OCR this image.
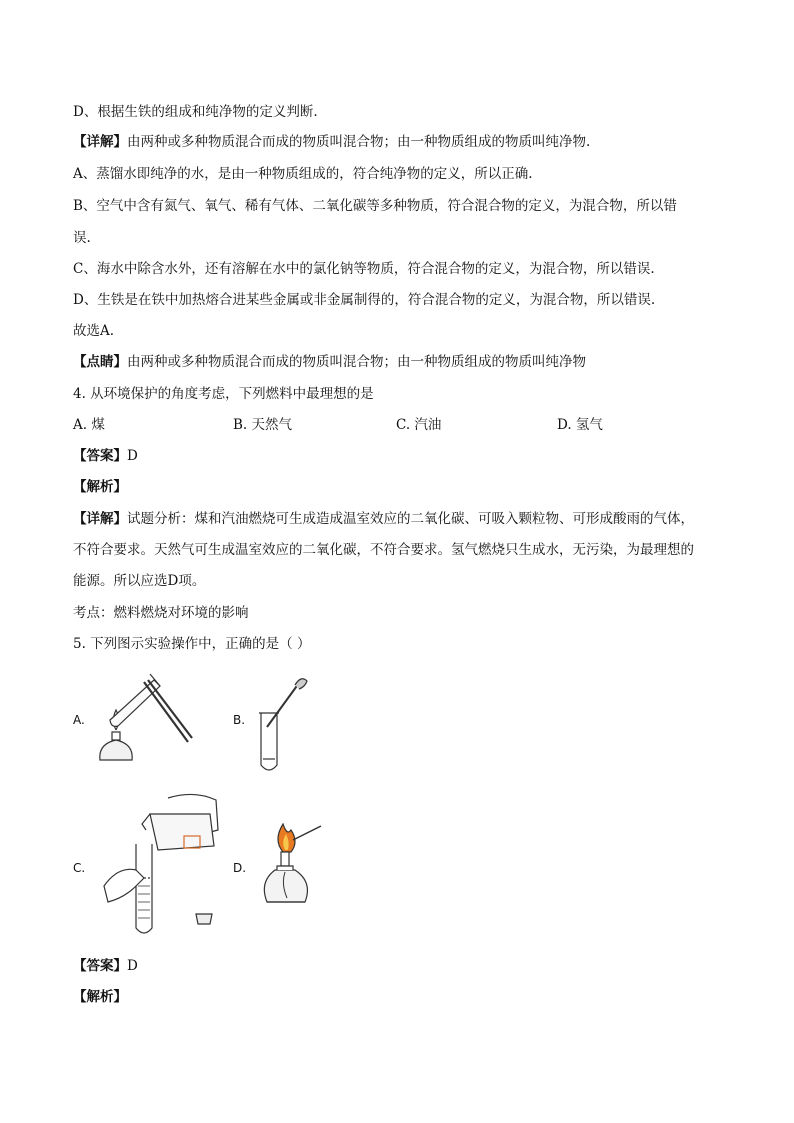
D、根据生铁的组成和纯净物的定义判断.
【详解】由两种或多种物质混合而成的物质叫混合物；由一种物质组成的物质叫纯净物.
A、蒸馏水即纯净的水，是由一种物质组成的，符合纯净物的定义，所以正确.
B、空气中含有氮气、氧气、稀有气体、二氧化碳等多种物质，符合混合物的定义，为混合物，所以错
误.
C、海水中除含水外，还有溶解在水中的氯化钠等物质，符合混合物的定义，为混合物，所以错误.
D、生铁是在铁中加热熔合进某些金属或非金属制得的，符合混合物的定义，为混合物，所以错误.
故选A.
【点睛】由两种或多种物质混合而成的物质叫混合物；由一种物质组成的物质叫纯净物
4. 从环境保护的角度考虑，下列燃料中最理想的是
A. 煤	B. 天然气	C. 汽油	D. 氢气
【答案】D
【解析】
【详解】试题分析：煤和汽油燃烧可生成造成温室效应的二氧化碳、可吸入颗粒物、可形成酸雨的气体，
不符合要求。天然气可生成温室效应的二氧化碳，不符合要求。氢气燃烧只生成水，无污染，为最理想的
能源。所以应选D项。
考点：燃料燃烧对环境的影响
5. 下列图示实验操作中，正确的是（ ）
A.	B.
C.	D.
【答案】D
【解析】
